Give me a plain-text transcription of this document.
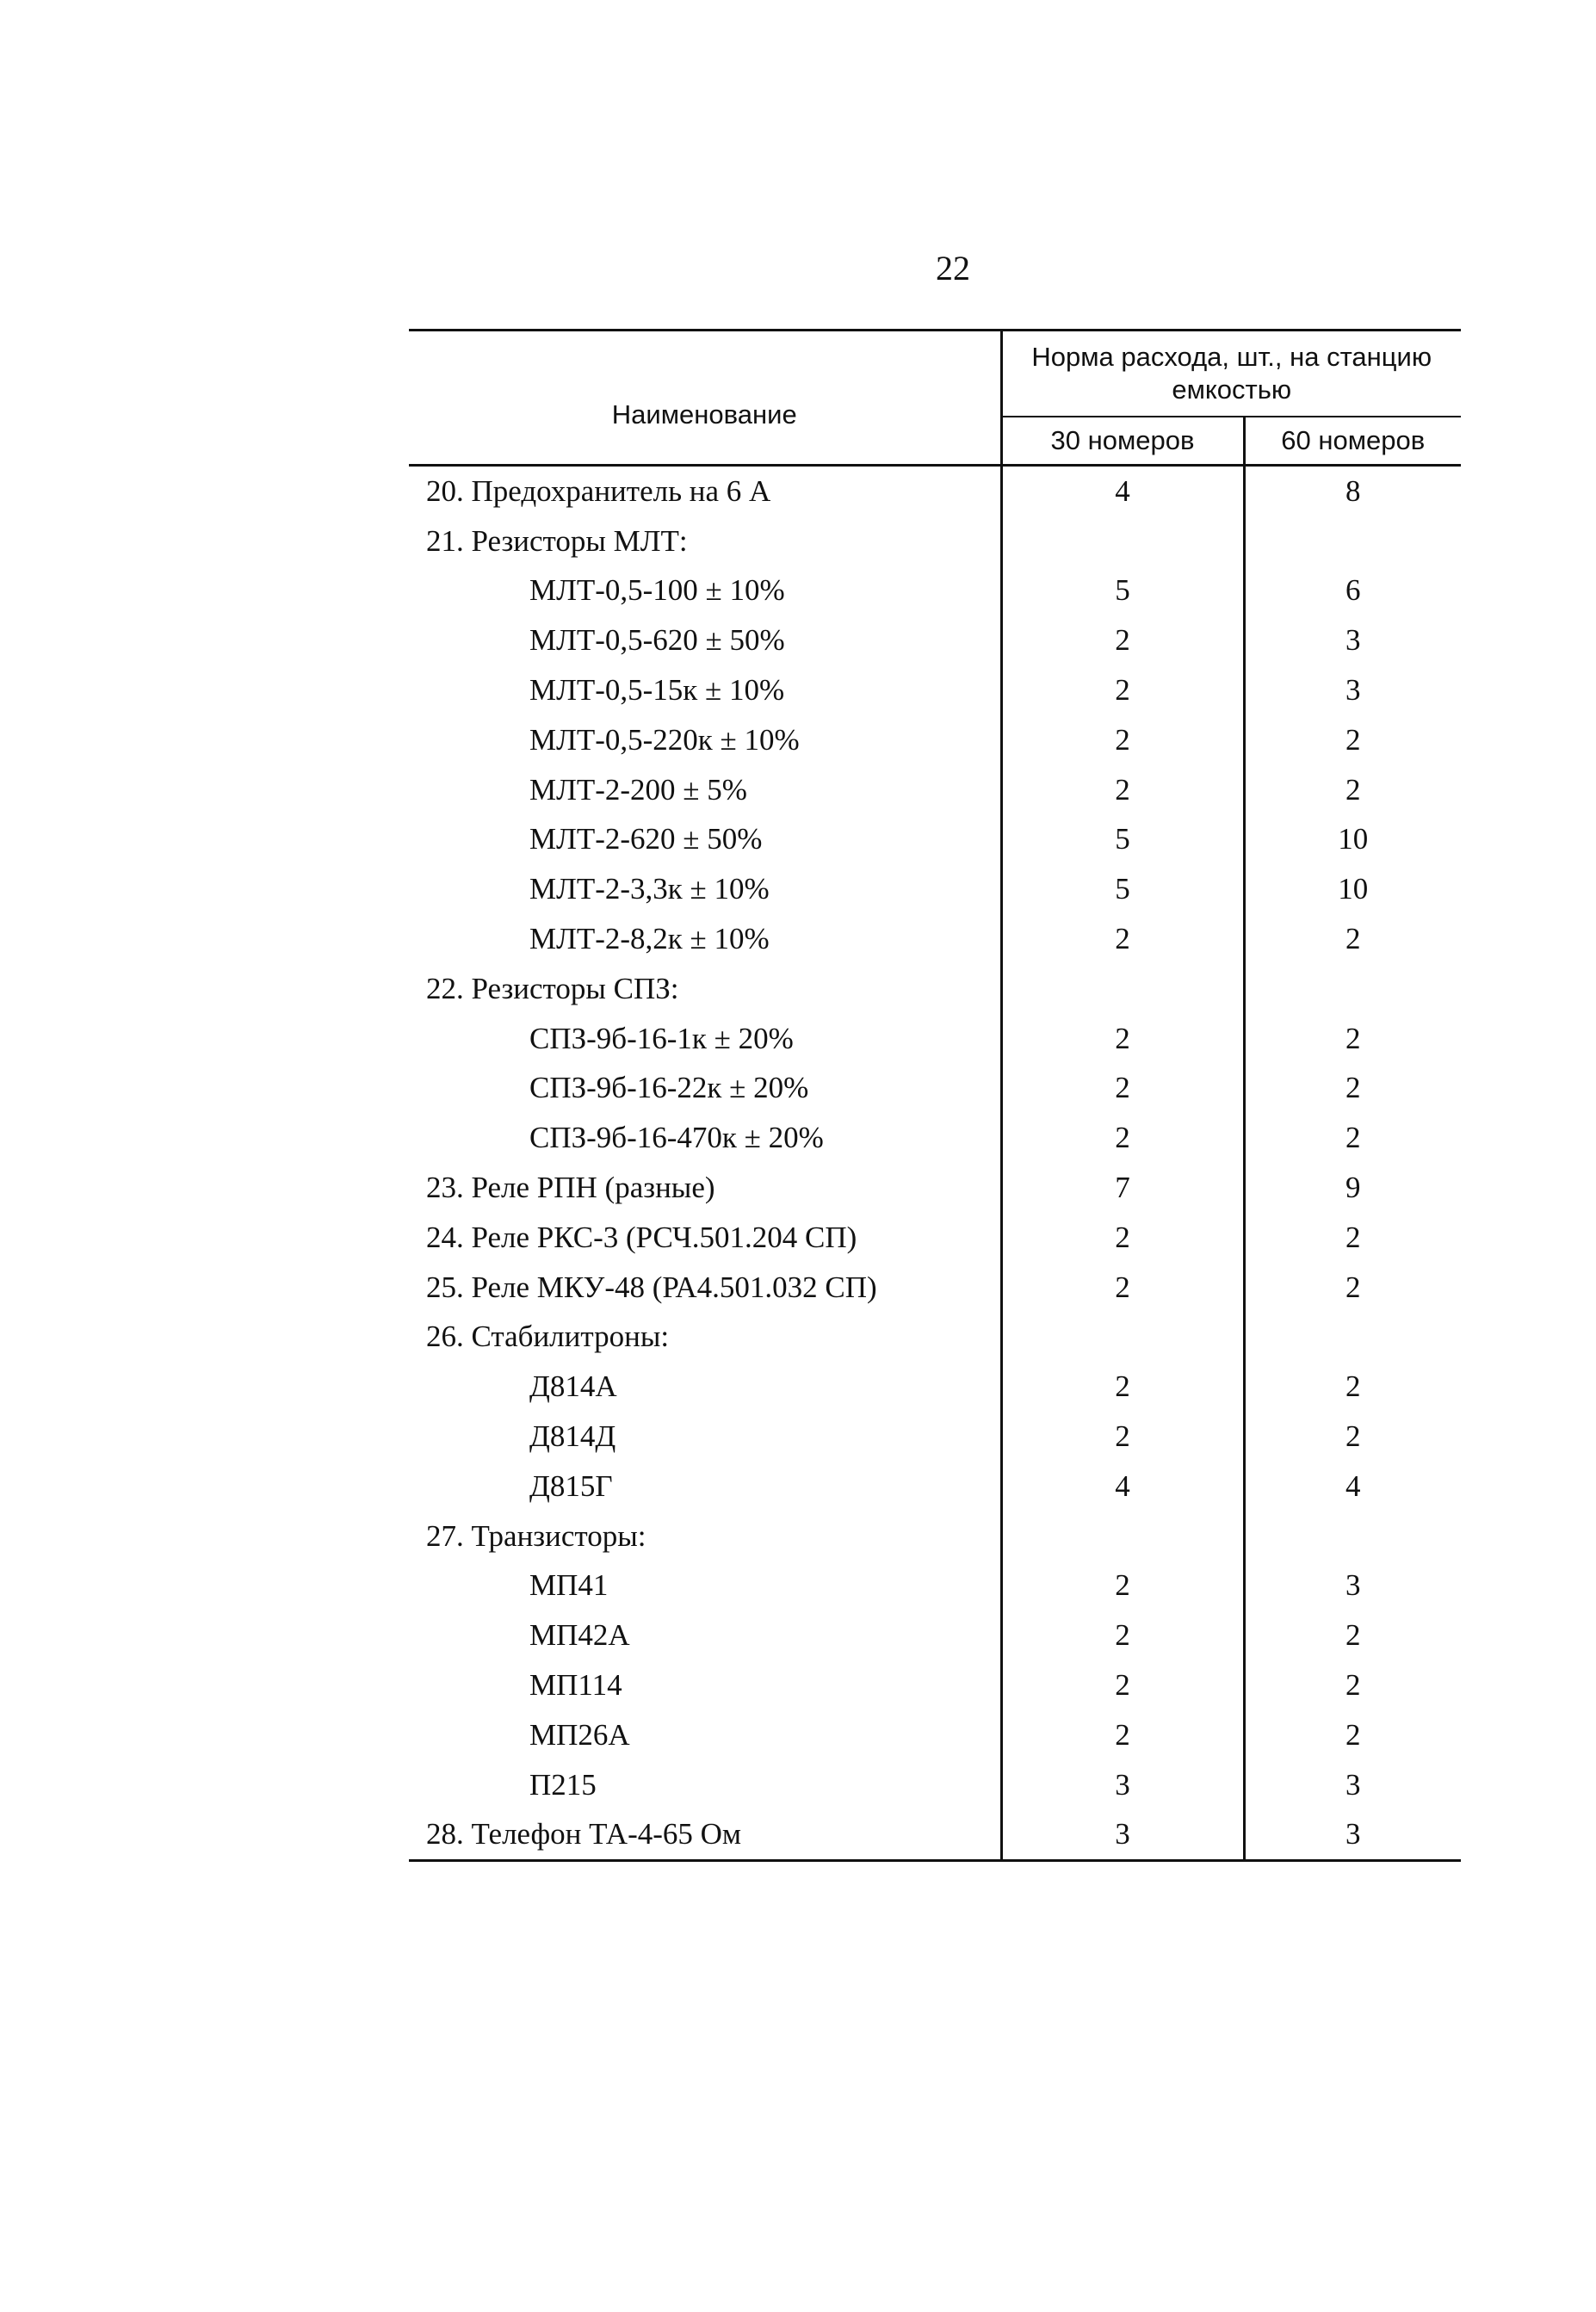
22
Наименование	Норма расхода, шт., на станцию емкостью	
	30 номеров	60 номеров
20. Предохранитель на 6 А	4	8
21. Резисторы МЛТ:		
МЛТ-0,5-100 ± 10%	5	6
МЛТ-0,5-620 ± 50%	2	3
МЛТ-0,5-15к ± 10%	2	3
МЛТ-0,5-220к ± 10%	2	2
МЛТ-2-200 ± 5%	2	2
МЛТ-2-620 ± 50%	5	10
МЛТ-2-3,3к ± 10%	5	10
МЛТ-2-8,2к ± 10%	2	2
22. Резисторы СПЗ:		
СПЗ-9б-16-1к ± 20%	2	2
СПЗ-9б-16-22к ± 20%	2	2
СПЗ-9б-16-470к ± 20%	2	2
23. Реле РПН (разные)	7	9
24. Реле РКС-3 (РСЧ.501.204 СП)	2	2
25. Реле МКУ-48 (РА4.501.032 СП)	2	2
26. Стабилитроны:		
Д814А	2	2
Д814Д	2	2
Д815Г	4	4
27. Транзисторы:		
МП41	2	3
МП42А	2	2
МП114	2	2
МП26А	2	2
П215	3	3
28. Телефон ТА-4-65 Ом	3	3
